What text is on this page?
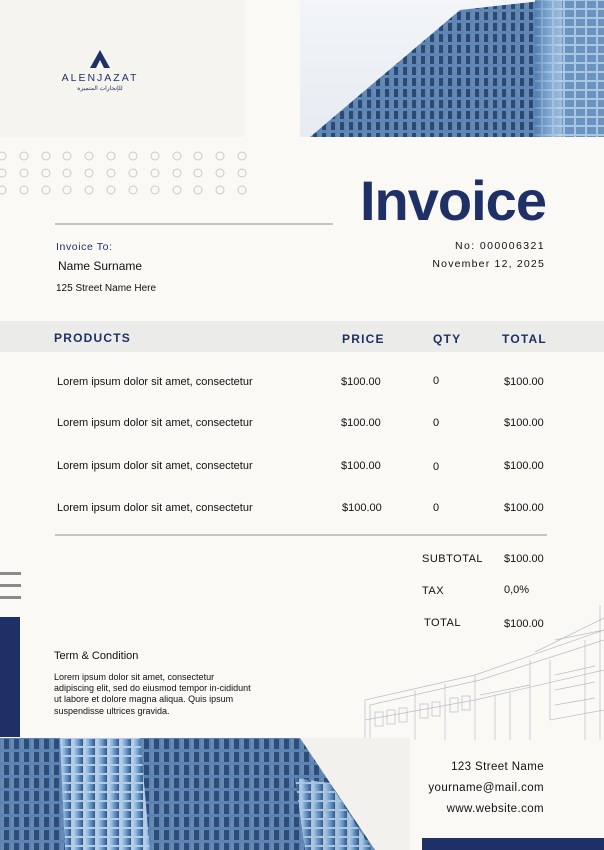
ALENJAZAT
للإنجازات المتميزة
Invoice
Invoice To:
Name Surname
125 Street Name Here
No: 000006321
November 12, 2025
PRODUCTS	PRICE	QTY	TOTAL
Lorem ipsum dolor sit amet, consectetur	$100.00	0	$100.00
Lorem ipsum dolor sit amet, consectetur	$100.00	0	$100.00
Lorem ipsum dolor sit amet, consectetur	$100.00	0	$100.00
Lorem ipsum dolor sit amet, consectetur	$100.00	0	$100.00
SUBTOTAL $100.00
TAX	0,0%
TOTAL	$100.00
Term & Condition
Lorem ipsum dolor sit amet, consectetur adipiscing elit, sed do eiusmod tempor in-cididunt ut labore et dolore magna aliqua. Quis ipsum suspendisse ultrices gravida.
123 Street Name
yourname@mail.com
www.website.com
